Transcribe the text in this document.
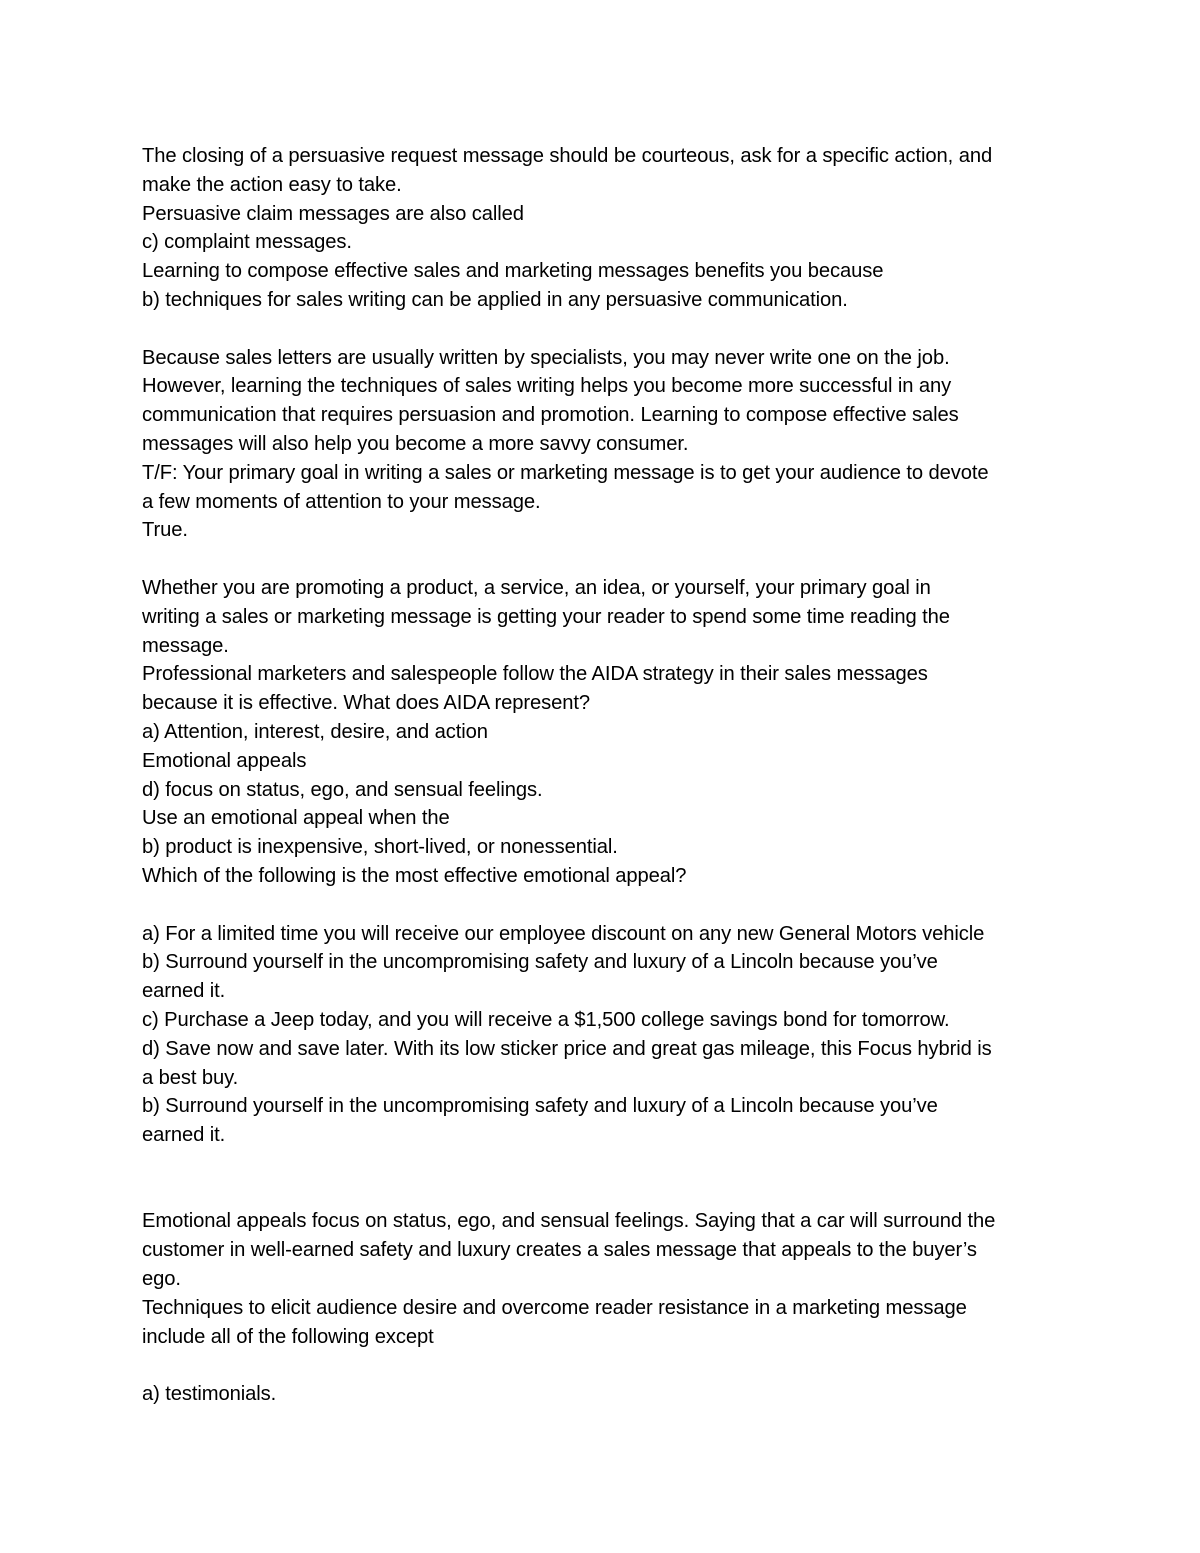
The closing of a persuasive request message should be courteous, ask for a specific action, and
make the action easy to take.
Persuasive claim messages are also called
c) complaint messages.
Learning to compose effective sales and marketing messages benefits you because
b) techniques for sales writing can be applied in any persuasive communication.
Because sales letters are usually written by specialists, you may never write one on the job.
However, learning the techniques of sales writing helps you become more successful in any
communication that requires persuasion and promotion. Learning to compose effective sales
messages will also help you become a more savvy consumer.
T/F: Your primary goal in writing a sales or marketing message is to get your audience to devote
a few moments of attention to your message.
True.
Whether you are promoting a product, a service, an idea, or yourself, your primary goal in
writing a sales or marketing message is getting your reader to spend some time reading the
message.
Professional marketers and salespeople follow the AIDA strategy in their sales messages
because it is effective. What does AIDA represent?
a) Attention, interest, desire, and action
Emotional appeals
d) focus on status, ego, and sensual feelings.
Use an emotional appeal when the
b) product is inexpensive, short-lived, or nonessential.
Which of the following is the most effective emotional appeal?
a) For a limited time you will receive our employee discount on any new General Motors vehicle
b) Surround yourself in the uncompromising safety and luxury of a Lincoln because you’ve
earned it.
c) Purchase a Jeep today, and you will receive a $1,500 college savings bond for tomorrow.
d) Save now and save later. With its low sticker price and great gas mileage, this Focus hybrid is
a best buy.
b) Surround yourself in the uncompromising safety and luxury of a Lincoln because you’ve
earned it.
Emotional appeals focus on status, ego, and sensual feelings. Saying that a car will surround the
customer in well-earned safety and luxury creates a sales message that appeals to the buyer’s
ego.
Techniques to elicit audience desire and overcome reader resistance in a marketing message
include all of the following except
a) testimonials.
